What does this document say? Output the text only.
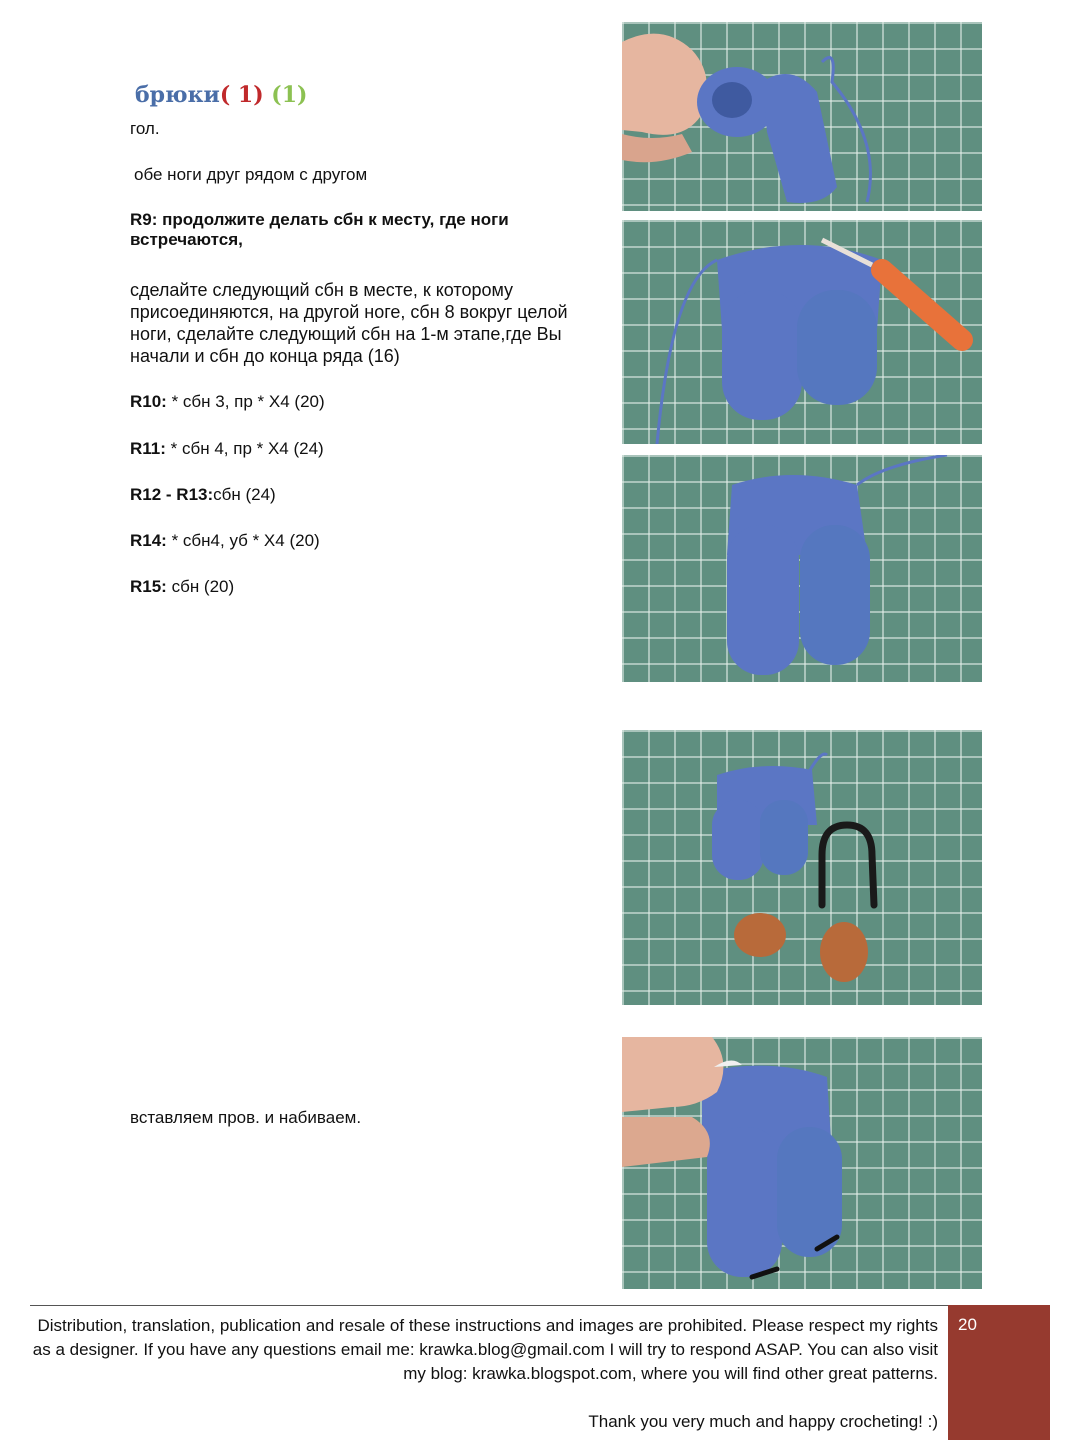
брюки( 1) (1)

гол.

обе ноги друг рядом с другом

R9: продолжите делать сбн к месту, где ноги встречаются,

сделайте следующий сбн в месте, к которому присоединяются, на другой ноге, сбн 8 вокруг целой ноги, сделайте следующий сбн на 1-м этапе,где Вы начали и сбн до конца ряда (16)

R10: * сбн 3, пр * X4 (20)

R11: * сбн 4, пр * X4 (24)

R12 - R13:сбн (24)

R14: * сбн4, уб * X4 (20)

R15: сбн (20)

вставляем пров. и набиваем.

Distribution, translation, publication and resale of these instructions and images are prohibited. Please respect my rights as a designer. If you have any questions email me: krawka.blog@gmail.com I will try to respond ASAP. You can also visit my blog: krawka.blogspot.com, where you will find other great patterns.

Thank you very much and happy crocheting! :)

20
